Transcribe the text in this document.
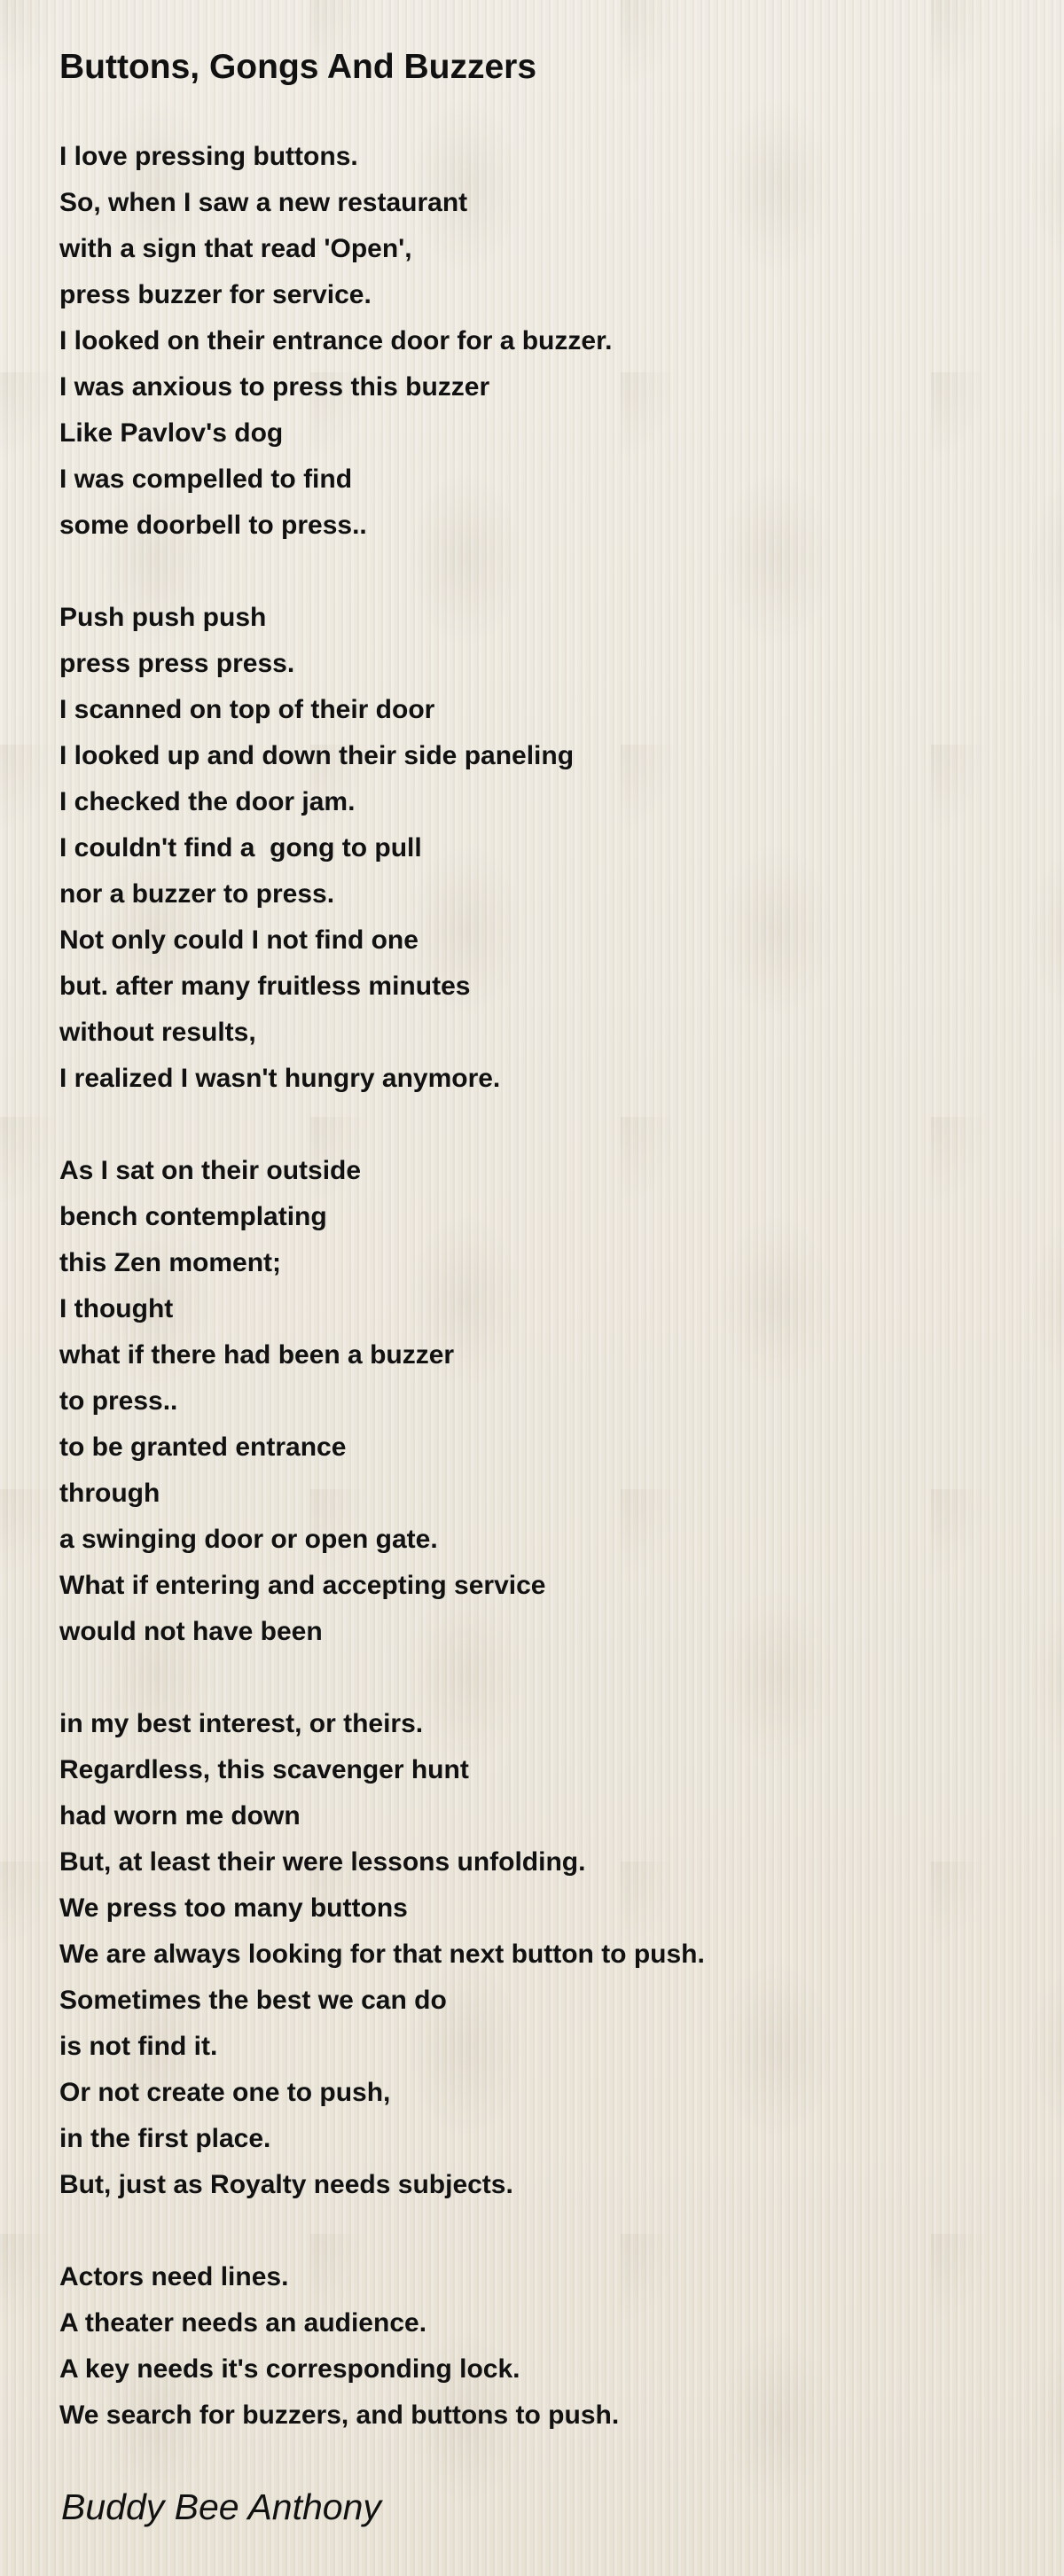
Buttons, Gongs And Buzzers
I love pressing buttons.
So, when I saw a new restaurant
with a sign that read 'Open',
press buzzer for service.
I looked on their entrance door for a buzzer.
I was anxious to press this buzzer
Like Pavlov's dog
I was compelled to find
some doorbell to press..
Push push push
press press press.
I scanned on top of their door
I looked up and down their side paneling
I checked the door jam.
I couldn't find a  gong to pull
nor a buzzer to press.
Not only could I not find one
but. after many fruitless minutes
without results,
I realized I wasn't hungry anymore.
As I sat on their outside
bench contemplating
this Zen moment;
I thought
what if there had been a buzzer
to press..
to be granted entrance
through
a swinging door or open gate.
What if entering and accepting service
would not have been
in my best interest, or theirs.
Regardless, this scavenger hunt
had worn me down
But, at least their were lessons unfolding.
We press too many buttons
We are always looking for that next button to push.
Sometimes the best we can do
is not find it.
Or not create one to push,
in the first place.
But, just as Royalty needs subjects.
Actors need lines.
A theater needs an audience.
A key needs it's corresponding lock.
We search for buzzers, and buttons to push.

Buddy Bee Anthony
